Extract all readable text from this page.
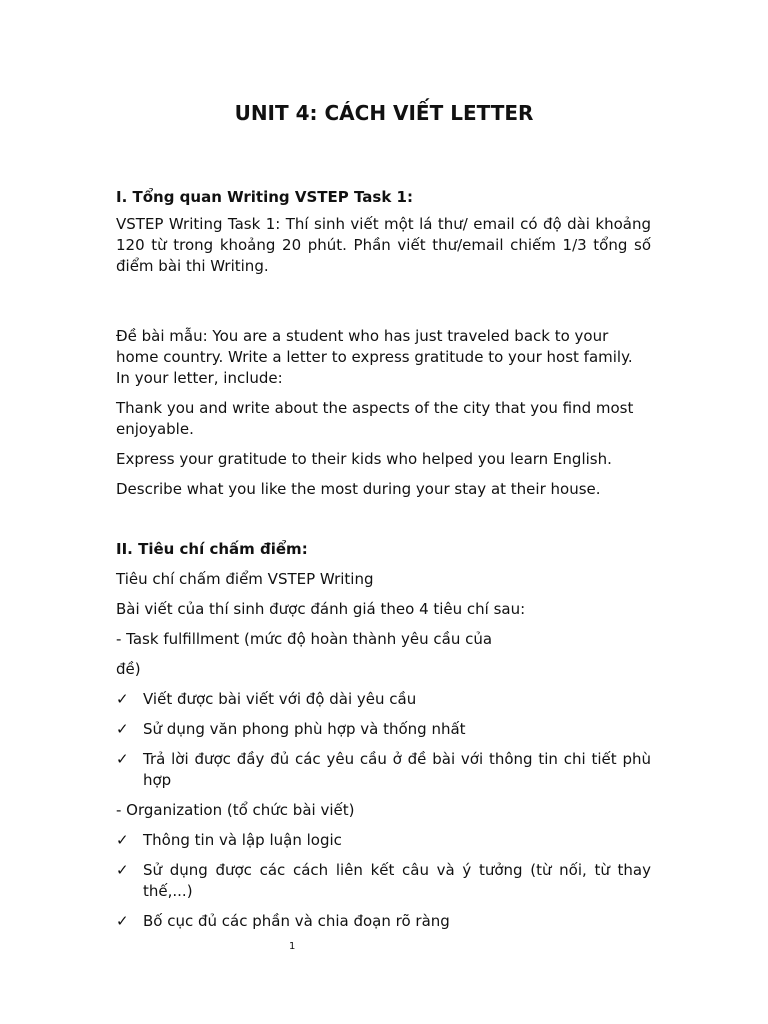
UNIT 4: CÁCH VIẾT LETTER

I. Tổng quan Writing VSTEP Task 1:

VSTEP Writing Task 1: Thí sinh viết một lá thư/ email có độ dài khoảng 120 từ trong khoảng 20 phút. Phần viết thư/email chiếm 1/3 tổng số điểm bài thi Writing.

Đề bài mẫu: You are a student who has just traveled back to your home country. Write a letter to express gratitude to your host family. In your letter, include:

Thank you and write about the aspects of the city that you find most enjoyable.

Express your gratitude to their kids who helped you learn English.

Describe what you like the most during your stay at their house.

II. Tiêu chí chấm điểm:

Tiêu chí chấm điểm VSTEP Writing

Bài viết của thí sinh được đánh giá theo 4 tiêu chí sau:

- Task fulfillment (mức độ hoàn thành yêu cầu của

đề)

✓ Viết được bài viết với độ dài yêu cầu
✓ Sử dụng văn phong phù hợp và thống nhất
✓ Trả lời được đầy đủ các yêu cầu ở đề bài với thông tin chi tiết phù hợp

- Organization (tổ chức bài viết)

✓ Thông tin và lập luận logic
✓ Sử dụng được các cách liên kết câu và ý tưởng (từ nối, từ thay thế,...)
✓ Bố cục đủ các phần và chia đoạn rõ ràng
1
